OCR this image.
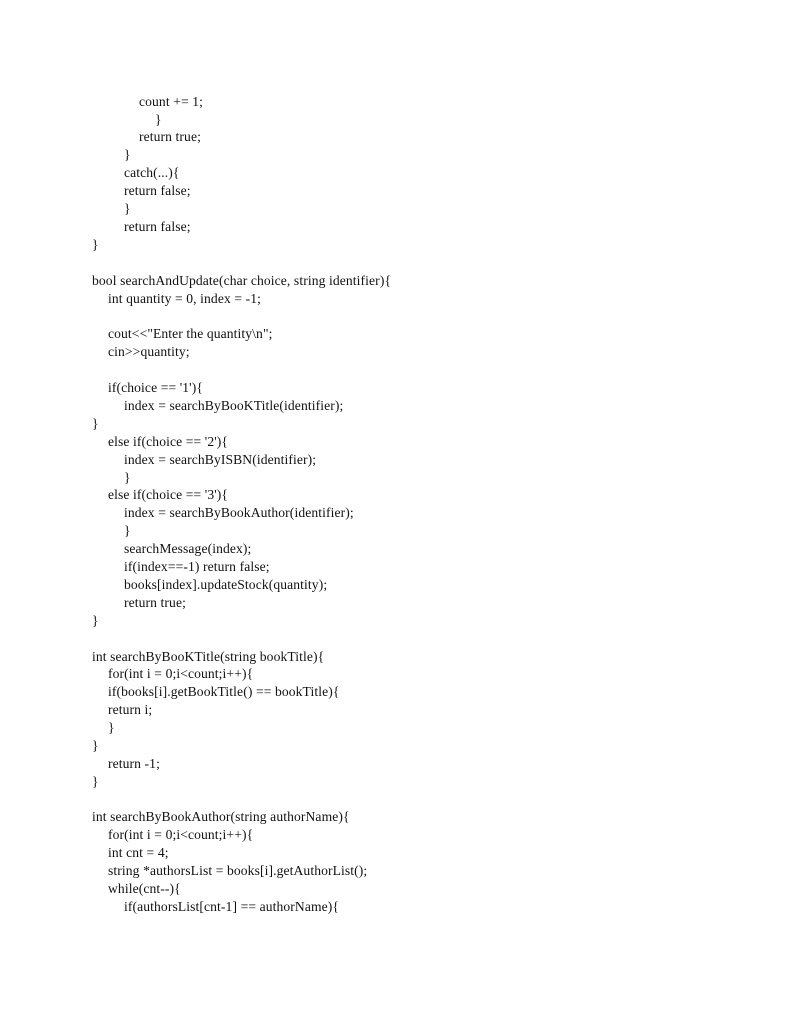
count += 1;
}
return true;
}
catch(...){
return false;
}
return false;
}
bool searchAndUpdate(char choice, string identifier){
int quantity = 0, index = -1;
cout<<"Enter the quantity\n";
cin>>quantity;
if(choice == '1'){
index = searchByBooKTitle(identifier);
}
else if(choice == '2'){
index = searchByISBN(identifier);
}
else if(choice == '3'){
index = searchByBookAuthor(identifier);
}
searchMessage(index);
if(index==-1) return false;
books[index].updateStock(quantity);
return true;
}
int searchByBooKTitle(string bookTitle){
for(int i = 0;i<count;i++){
if(books[i].getBookTitle() == bookTitle){
return i;
}
}
return -1;
}
int searchByBookAuthor(string authorName){
for(int i = 0;i<count;i++){
int cnt = 4;
string *authorsList = books[i].getAuthorList();
while(cnt--){
if(authorsList[cnt-1] == authorName){
